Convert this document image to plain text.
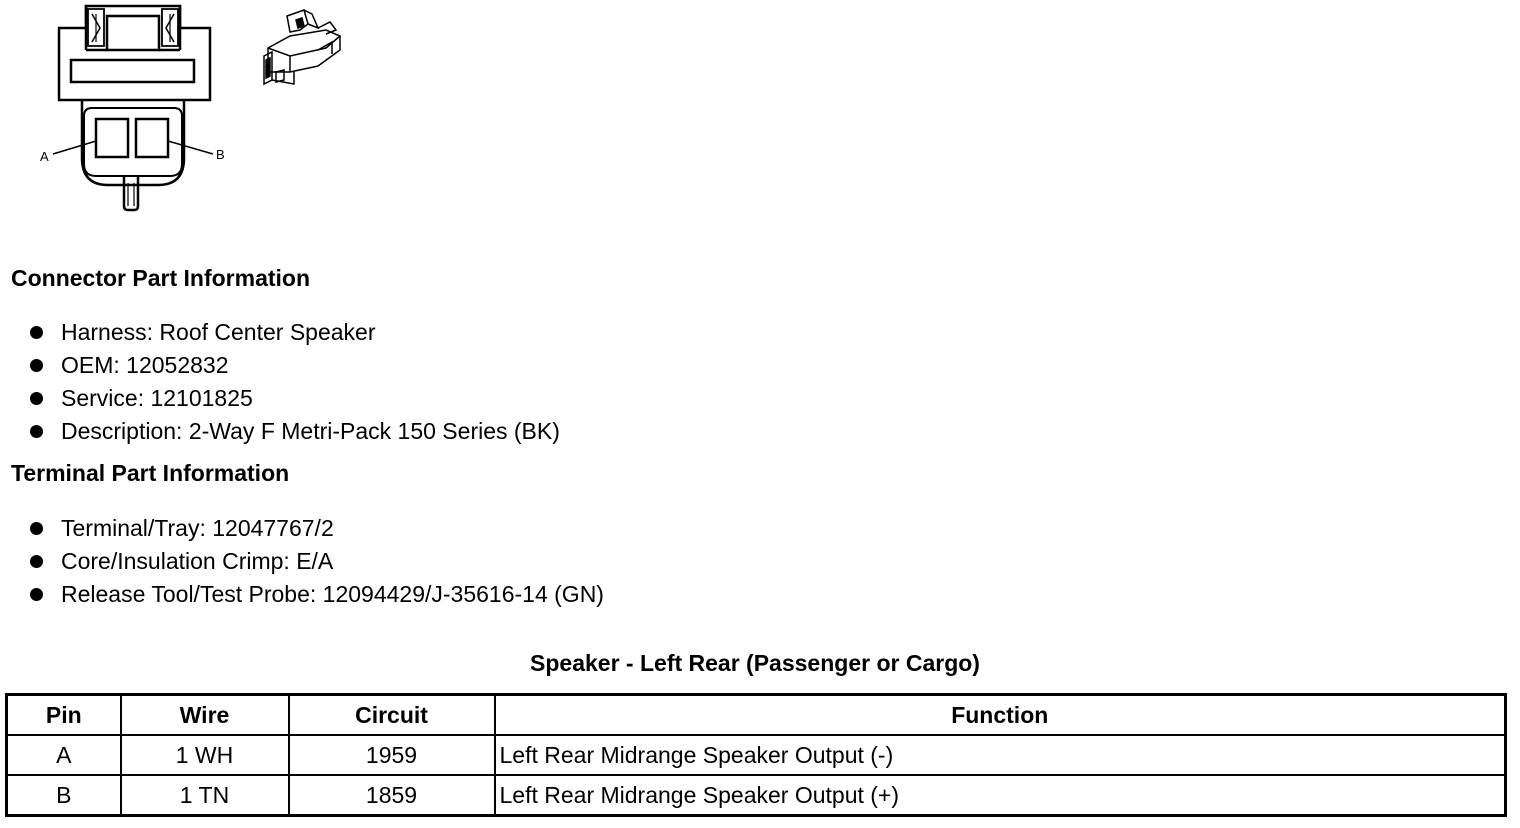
A	B
Connector Part Information
Harness: Roof Center Speaker
OEM: 12052832
Service: 12101825
Description: 2-Way F Metri-Pack 150 Series (BK)
Terminal Part Information
Terminal/Tray: 12047767/2
Core/Insulation Crimp: E/A
Release Tool/Test Probe: 12094429/J-35616-14 (GN)
Speaker - Left Rear (Passenger or Cargo)
Pin	Wire	Circuit	Function
A	1 WH	1959	Left Rear Midrange Speaker Output (-)
B	1 TN	1859	Left Rear Midrange Speaker Output (+)
